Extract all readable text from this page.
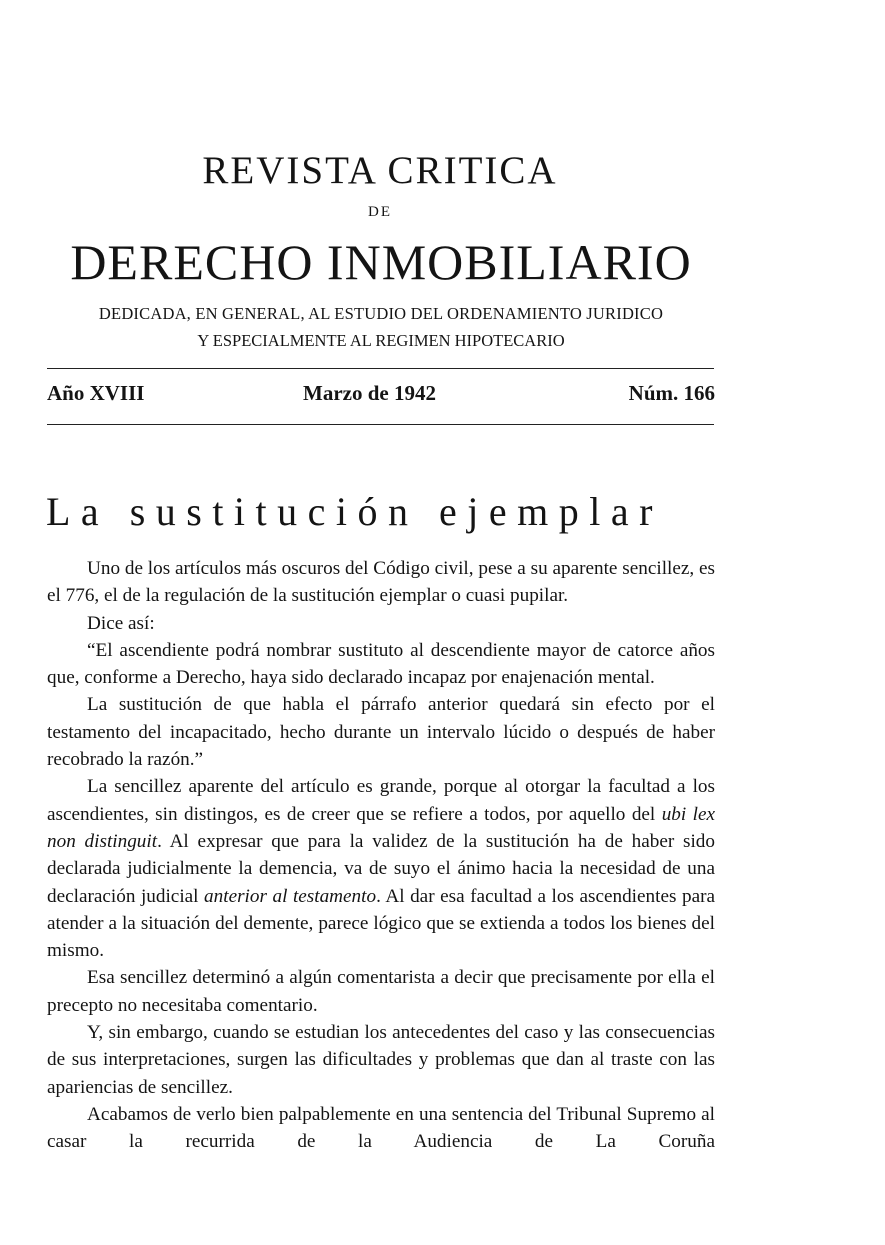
REVISTA CRITICA
DE
DERECHO INMOBILIARIO
DEDICADA, EN GENERAL, AL ESTUDIO DEL ORDENAMIENTO JURIDICO
Y ESPECIALMENTE AL REGIMEN HIPOTECARIO
Año XVIII	Marzo de 1942	Núm. 166
La sustitución ejemplar

Uno de los artículos más oscuros del Código civil, pese a su aparente sencillez, es el 776, el de la regulación de la sustitución ejemplar o cuasi pupilar.

Dice así:

“El ascendiente podrá nombrar sustituto al descendiente mayor de catorce años que, conforme a Derecho, haya sido declarado incapaz por enajenación mental.

La sustitución de que habla el párrafo anterior quedará sin efecto por el testamento del incapacitado, hecho durante un intervalo lúcido o después de haber recobrado la razón.”

La sencillez aparente del artículo es grande, porque al otorgar la facultad a los ascendientes, sin distingos, es de creer que se refiere a todos, por aquello del ubi lex non distinguit. Al expresar que para la validez de la sustitución ha de haber sido declarada judicialmente la demencia, va de suyo el ánimo hacia la necesidad de una declaración judicial anterior al testamento. Al dar esa facultad a los ascendientes para atender a la situación del demente, parece lógico que se extienda a todos los bienes del mismo.

Esa sencillez determinó a algún comentarista a decir que precisamente por ella el precepto no necesitaba comentario.

Y, sin embargo, cuando se estudian los antecedentes del caso y las consecuencias de sus interpretaciones, surgen las dificultades y problemas que dan al traste con las apariencias de sencillez.

Acabamos de verlo bien palpablemente en una sentencia del Tribunal Supremo al casar la recurrida de la Audiencia de La Coruña
